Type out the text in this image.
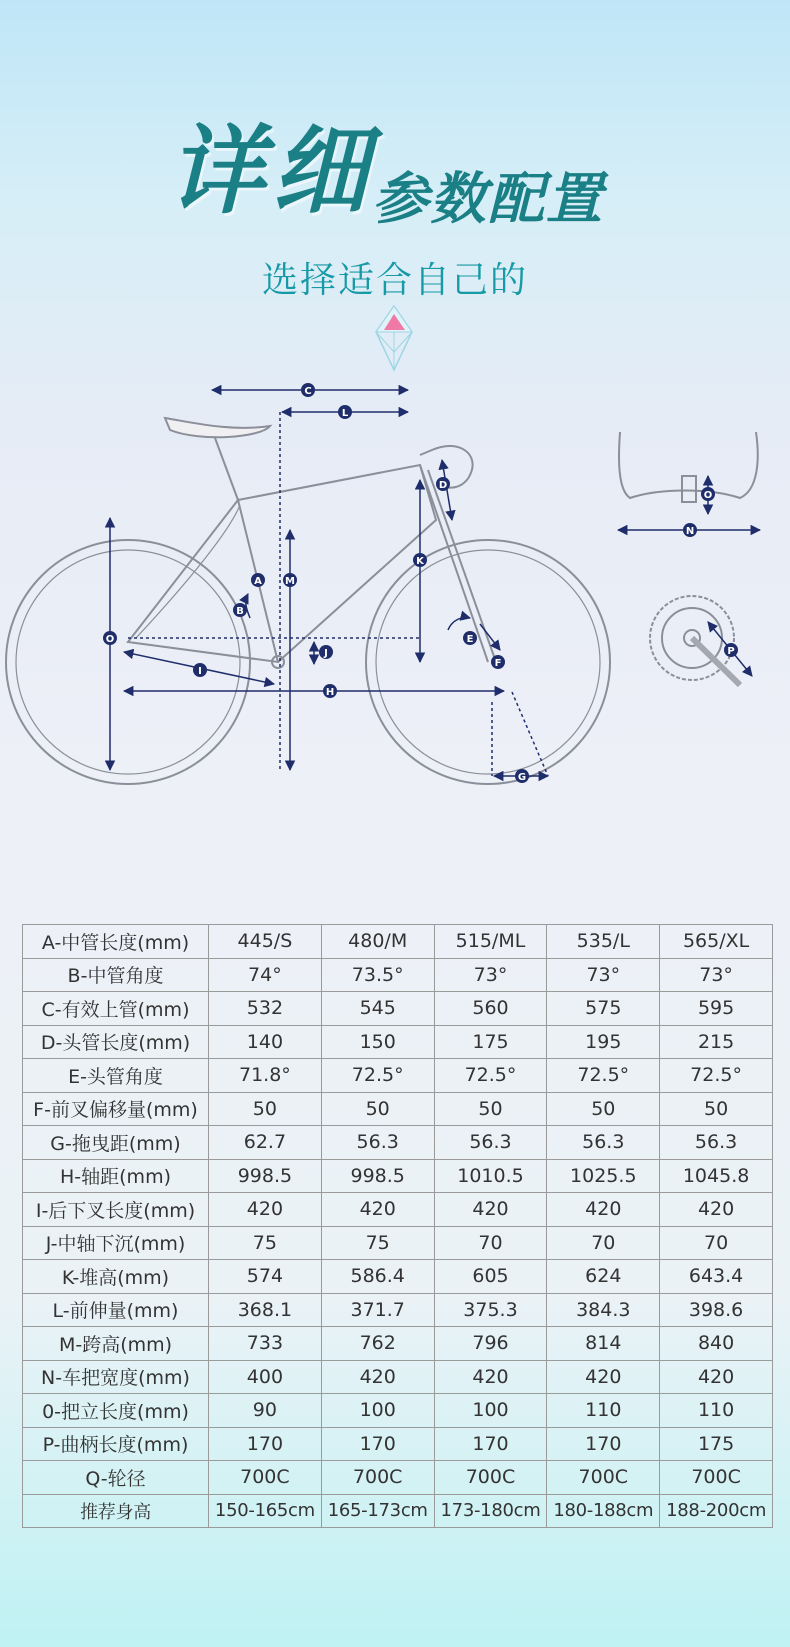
详细
参数配置
选择适合自己的
C
L
A M
B
O
I
J
H
K
D
E
F
G
O
N
P
A-中管长度(mm)	445/S	480/M	515/ML	535/L	565/XL
B-中管角度	74°	73.5°	73°	73°	73°
C-有效上管(mm)	532	545	560	575	595
D-头管长度(mm)	140	150	175	195	215
E-头管角度	71.8°	72.5°	72.5°	72.5°	72.5°
F-前叉偏移量(mm)	50	50	50	50	50
G-拖曳距(mm)	62.7	56.3	56.3	56.3	56.3
H-轴距(mm)	998.5	998.5	1010.5	1025.5	1045.8
I-后下叉长度(mm)	420	420	420	420	420
J-中轴下沉(mm)	75	75	70	70	70
K-堆高(mm)	574	586.4	605	624	643.4
L-前伸量(mm)	368.1	371.7	375.3	384.3	398.6
M-跨高(mm)	733	762	796	814	840
N-车把宽度(mm)	400	420	420	420	420
0-把立长度(mm)	90	100	100	110	110
P-曲柄长度(mm)	170	170	170	170	175
Q-轮径	700C	700C	700C	700C	700C
推荐身高	150-165cm	165-173cm	173-180cm	180-188cm	188-200cm
